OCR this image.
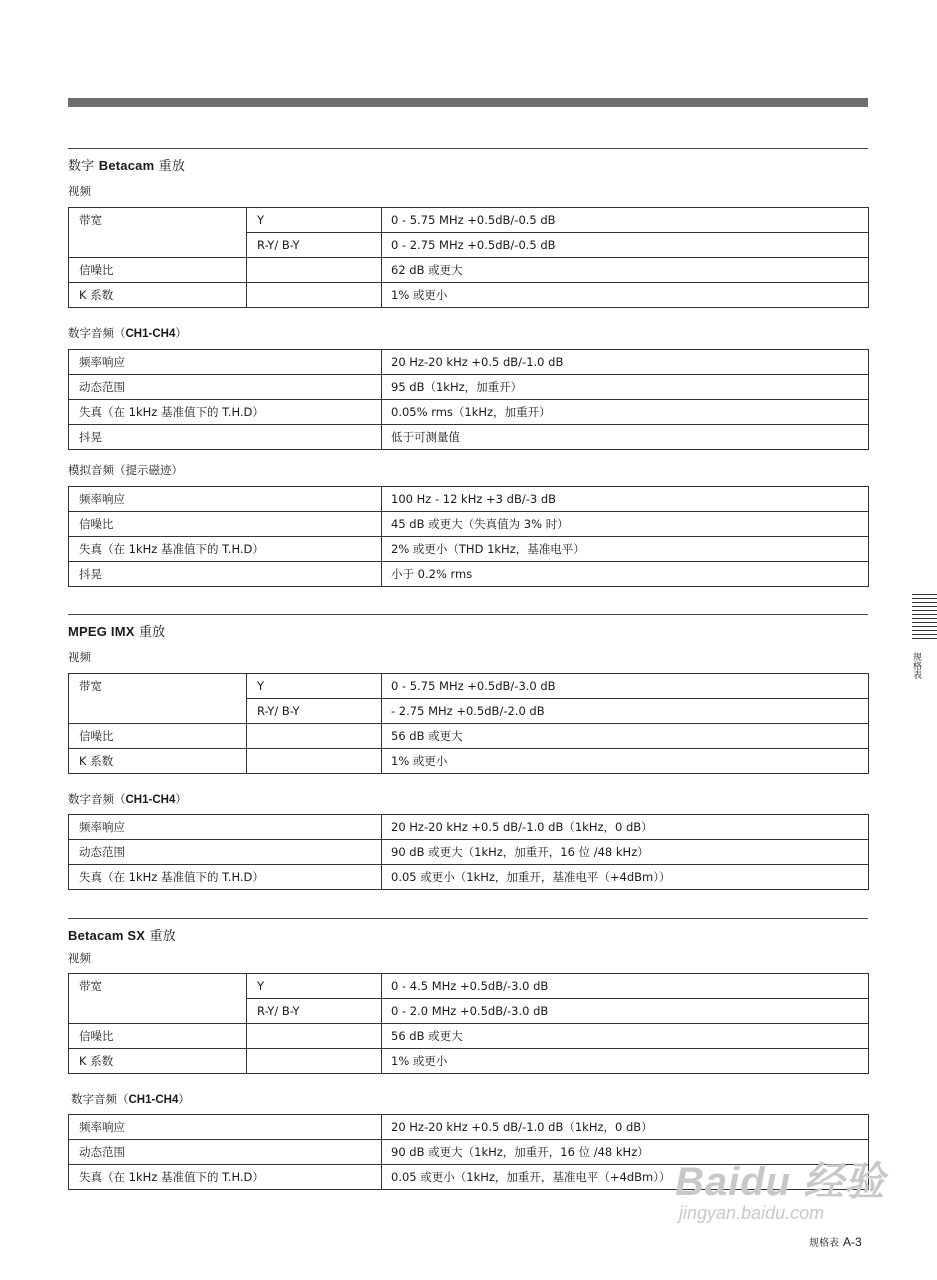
数字 Betacam 重放
视频
带宽	Y	0 - 5.75 MHz +0.5dB/-0.5 dB
	R-Y/ B-Y	0 - 2.75 MHz +0.5dB/-0.5 dB
信噪比		62 dB 或更大
K 系数		1% 或更小
数字音频（CH1-CH4）
频率响应	20 Hz-20 kHz +0.5 dB/-1.0 dB
动态范围	95 dB（1kHz，加重开）
失真（在 1kHz 基准值下的 T.H.D）	0.05% rms（1kHz，加重开）
抖晃	低于可测量值
模拟音频（提示磁迹）
频率响应	100 Hz - 12 kHz +3 dB/-3 dB
信噪比	45 dB 或更大（失真值为 3% 时）
失真（在 1kHz 基准值下的 T.H.D）	2% 或更小（THD 1kHz，基准电平）
抖晃	小于 0.2% rms
MPEG IMX 重放
视频
带宽	Y	0 - 5.75 MHz +0.5dB/-3.0 dB
	R-Y/ B-Y	- 2.75 MHz +0.5dB/-2.0 dB
信噪比		56 dB 或更大
K 系数		1% 或更小
数字音频（CH1-CH4）
频率响应	20 Hz-20 kHz +0.5 dB/-1.0 dB（1kHz，0 dB）
动态范围	90 dB 或更大（1kHz，加重开，16 位 /48 kHz）
失真（在 1kHz 基准值下的 T.H.D）	0.05 或更小（1kHz，加重开，基准电平（+4dBm））
Betacam SX 重放
视频
带宽	Y	0 - 4.5 MHz +0.5dB/-3.0 dB
	R-Y/ B-Y	0 - 2.0 MHz +0.5dB/-3.0 dB
信噪比		56 dB 或更大
K 系数		1% 或更小
数字音频（CH1-CH4）
频率响应	20 Hz-20 kHz +0.5 dB/-1.0 dB（1kHz，0 dB）
动态范围	90 dB 或更大（1kHz，加重开，16 位 /48 kHz）
失真（在 1kHz 基准值下的 T.H.D）	0.05 或更小（1kHz，加重开，基准电平（+4dBm））
规格表
Baidu 经验
jingyan.baidu.com
规格表 A-3
